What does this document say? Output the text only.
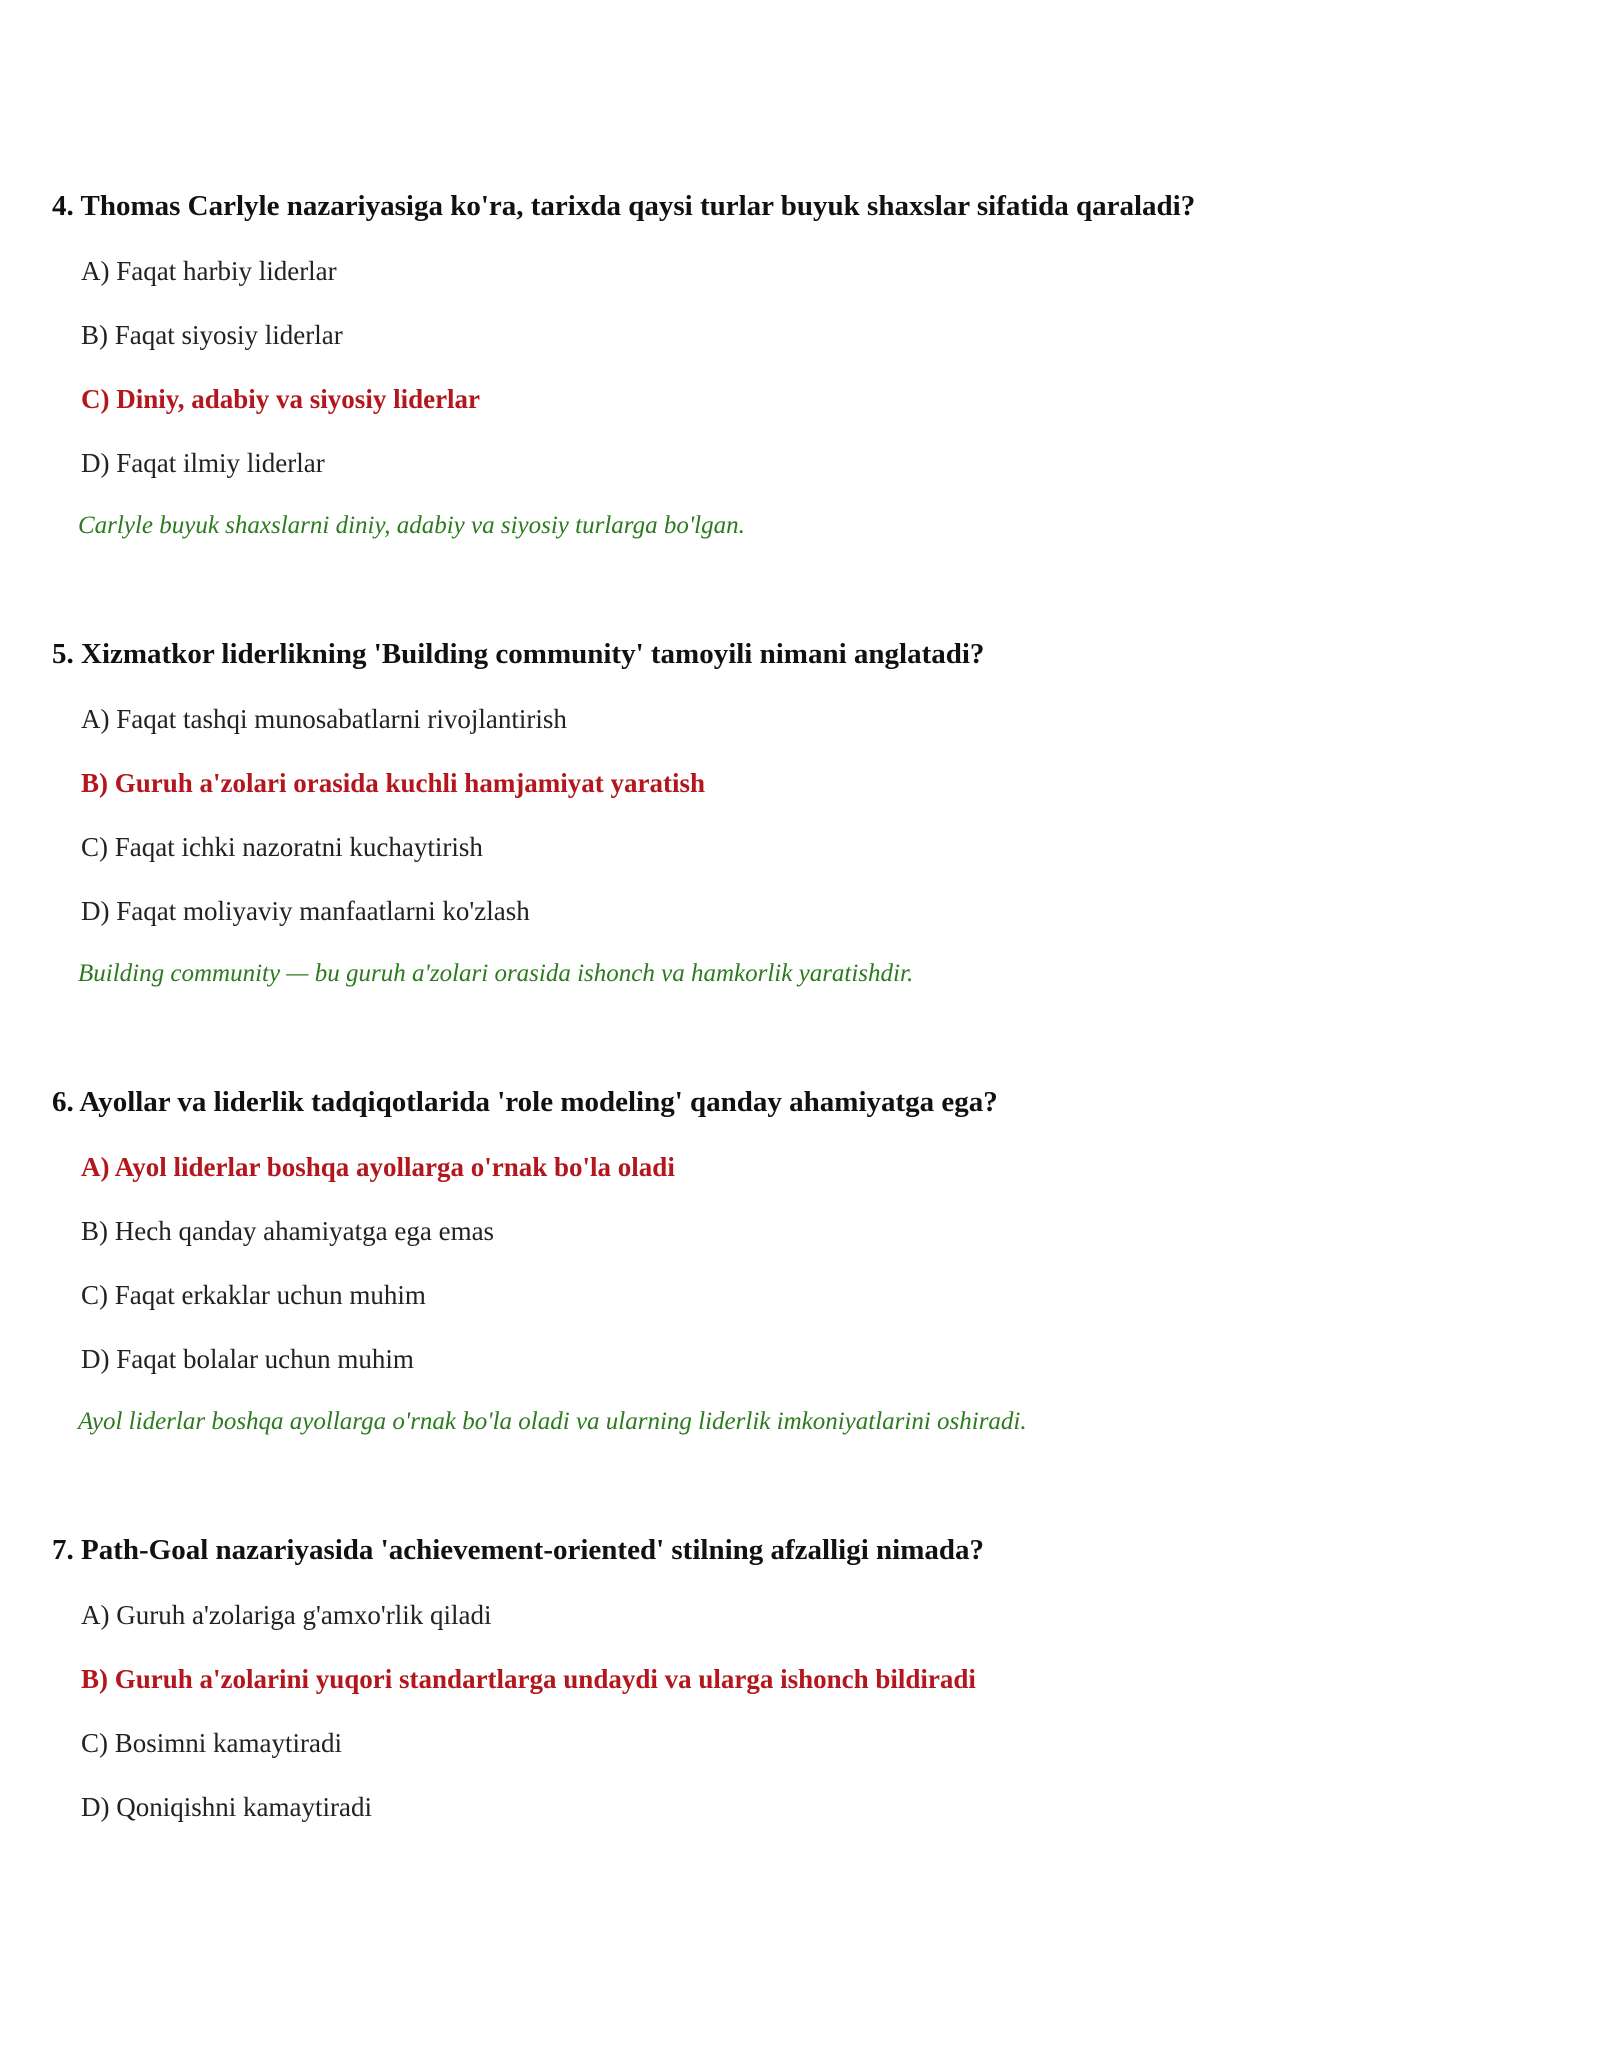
4. Thomas Carlyle nazariyasiga ko'ra, tarixda qaysi turlar buyuk shaxslar sifatida qaraladi?
A) Faqat harbiy liderlar
B) Faqat siyosiy liderlar
C) Diniy, adabiy va siyosiy liderlar
D) Faqat ilmiy liderlar
Carlyle buyuk shaxslarni diniy, adabiy va siyosiy turlarga bo'lgan.
5. Xizmatkor liderlikning 'Building community' tamoyili nimani anglatadi?
A) Faqat tashqi munosabatlarni rivojlantirish
B) Guruh a'zolari orasida kuchli hamjamiyat yaratish
C) Faqat ichki nazoratni kuchaytirish
D) Faqat moliyaviy manfaatlarni ko'zlash
Building community — bu guruh a'zolari orasida ishonch va hamkorlik yaratishdir.
6. Ayollar va liderlik tadqiqotlarida 'role modeling' qanday ahamiyatga ega?
A) Ayol liderlar boshqa ayollarga o'rnak bo'la oladi
B) Hech qanday ahamiyatga ega emas
C) Faqat erkaklar uchun muhim
D) Faqat bolalar uchun muhim
Ayol liderlar boshqa ayollarga o'rnak bo'la oladi va ularning liderlik imkoniyatlarini oshiradi.
7. Path-Goal nazariyasida 'achievement-oriented' stilning afzalligi nimada?
A) Guruh a'zolariga g'amxo'rlik qiladi
B) Guruh a'zolarini yuqori standartlarga undaydi va ularga ishonch bildiradi
C) Bosimni kamaytiradi
D) Qoniqishni kamaytiradi
